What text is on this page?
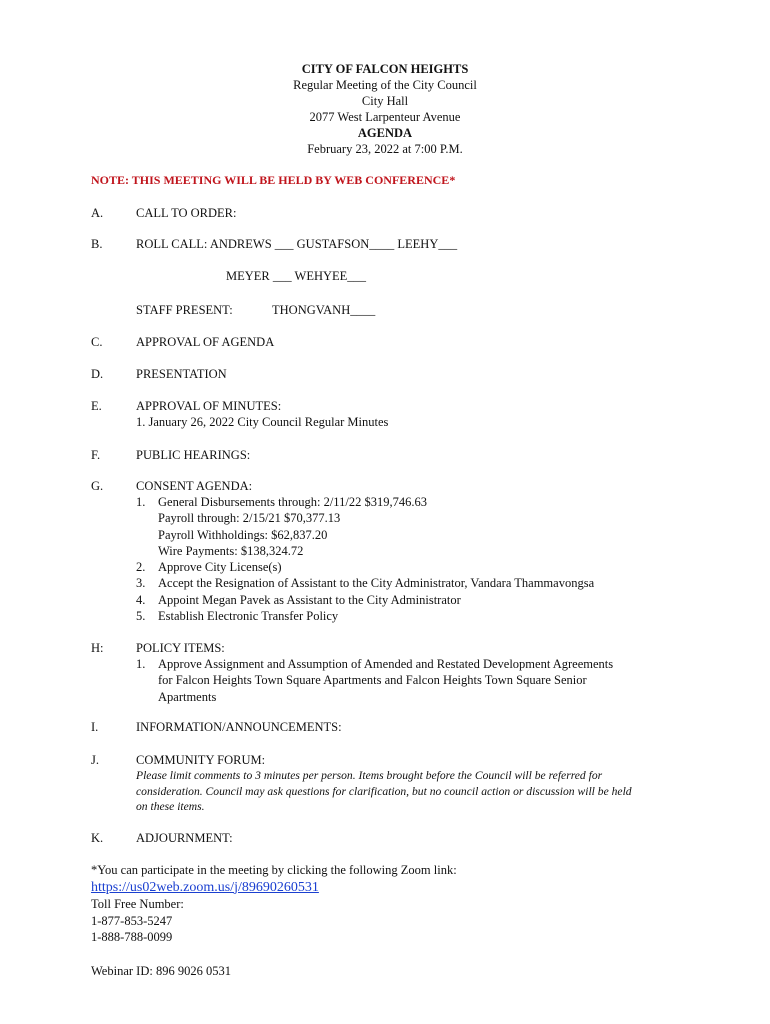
CITY OF FALCON HEIGHTS
Regular Meeting of the City Council
City Hall
2077 West Larpenteur Avenue
AGENDA
February 23, 2022 at 7:00 P.M.
NOTE: THIS MEETING WILL BE HELD BY WEB CONFERENCE*
A.	CALL TO ORDER:
B.	ROLL CALL: ANDREWS ___ GUSTAFSON____ LEEHY___
MEYER ___ WEHYEE___
STAFF PRESENT:	THONGVANH____
C.	APPROVAL OF AGENDA
D.	PRESENTATION
E.	APPROVAL OF MINUTES:
1. January 26, 2022 City Council Regular Minutes
F.	PUBLIC HEARINGS:
G.	CONSENT AGENDA:
1. General Disbursements through: 2/11/22 $319,746.63
Payroll through: 2/15/21 $70,377.13
Payroll Withholdings: $62,837.20
Wire Payments: $138,324.72
2. Approve City License(s)
3. Accept the Resignation of Assistant to the City Administrator, Vandara Thammavongsa
4. Appoint Megan Pavek as Assistant to the City Administrator
5. Establish Electronic Transfer Policy
H:	POLICY ITEMS:
1. Approve Assignment and Assumption of Amended and Restated Development Agreements
for Falcon Heights Town Square Apartments and Falcon Heights Town Square Senior
Apartments
I.	INFORMATION/ANNOUNCEMENTS:
J.	COMMUNITY FORUM:
Please limit comments to 3 minutes per person. Items brought before the Council will be referred for
consideration. Council may ask questions for clarification, but no council action or discussion will be held
on these items.
K.	ADJOURNMENT:
*You can participate in the meeting by clicking the following Zoom link:
https://us02web.zoom.us/j/89690260531
Toll Free Number:
1-877-853-5247
1-888-788-0099
Webinar ID: 896 9026 0531
